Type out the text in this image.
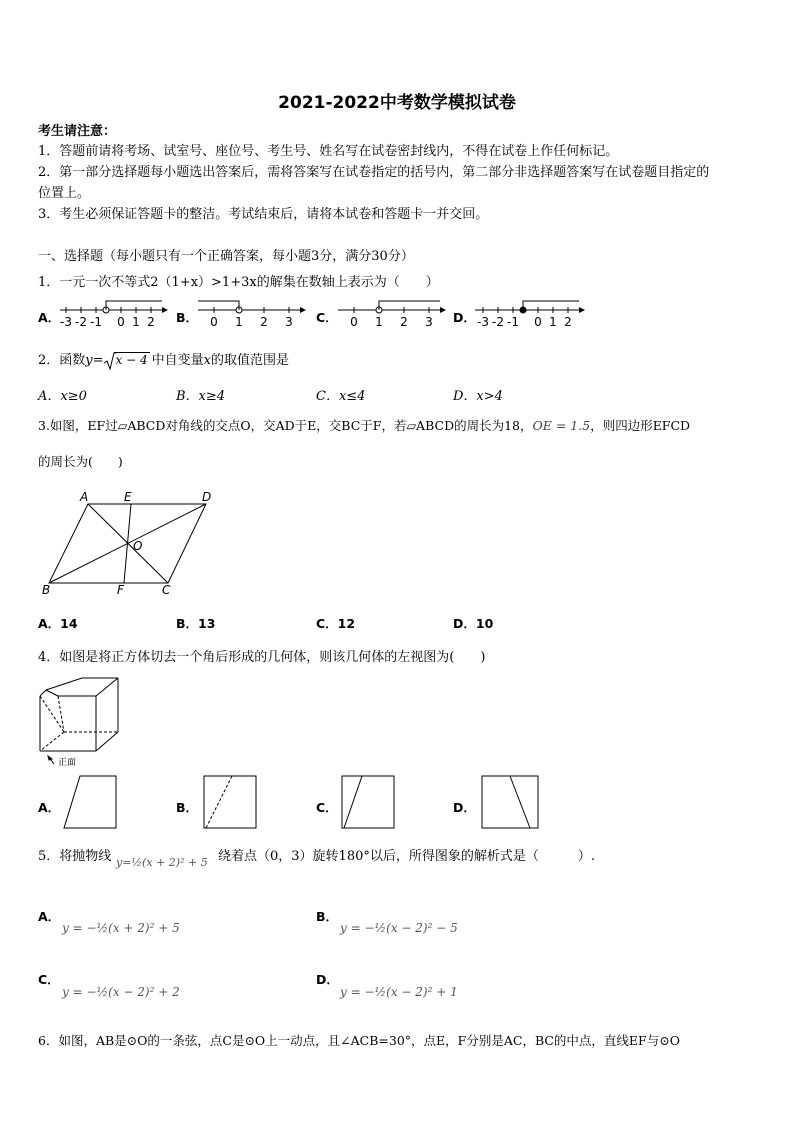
2021-2022中考数学模拟试卷
考生请注意：
1．答题前请将考场、试室号、座位号、考生号、姓名写在试卷密封线内，不得在试卷上作任何标记。
2．第一部分选择题每小题选出答案后，需将答案写在试卷指定的括号内，第二部分非选择题答案写在试卷题目指定的
位置上。
3．考生必须保证答题卡的整洁。考试结束后，请将本试卷和答题卡一并交回。
一、选择题（每小题只有一个正确答案，每小题3分，满分30分）
1．一元一次不等式2（1+x）>1+3x的解集在数轴上表示为（　　）
A． -3 -2 -1 0 1 2 B． 0 1 2 3 C． 0 1 2 3 D． -3 -2 -1 0 1 2
2．函数y= x − 4 中自变量x的取值范围是
A．x≥0	B．x≥4	C．x≤4	D．x>4
3.如图，EF过▱ABCD对角线的交点O，交AD于E，交BC于F，若▱ABCD的周长为18，OE = 1.5，则四边形EFCD
的周长为(　　)
A	E	D
O
B	F	C
A．14	B．13	C．12	D．10
4．如图是将正方体切去一个角后形成的几何体，则该几何体的左视图为(　　)
正面
A．	B．	C．	D．
5．将抛物线 𝑦=½(𝑥 + 2)² + 5 绕着点（0，3）旋转180°以后，所得图象的解析式是（　　　）.
A．
𝑦 = −½(𝑥 + 2)² + 5
B．
𝑦 = −½(𝑥 − 2)² − 5
C．
𝑦 = −½(𝑥 − 2)² + 2
D．
𝑦 = −½(𝑥 − 2)² + 1
6．如图，AB是⊙O的一条弦，点C是⊙O上一动点，且∠ACB=30°，点E，F分别是AC，BC的中点，直线EF与⊙O
